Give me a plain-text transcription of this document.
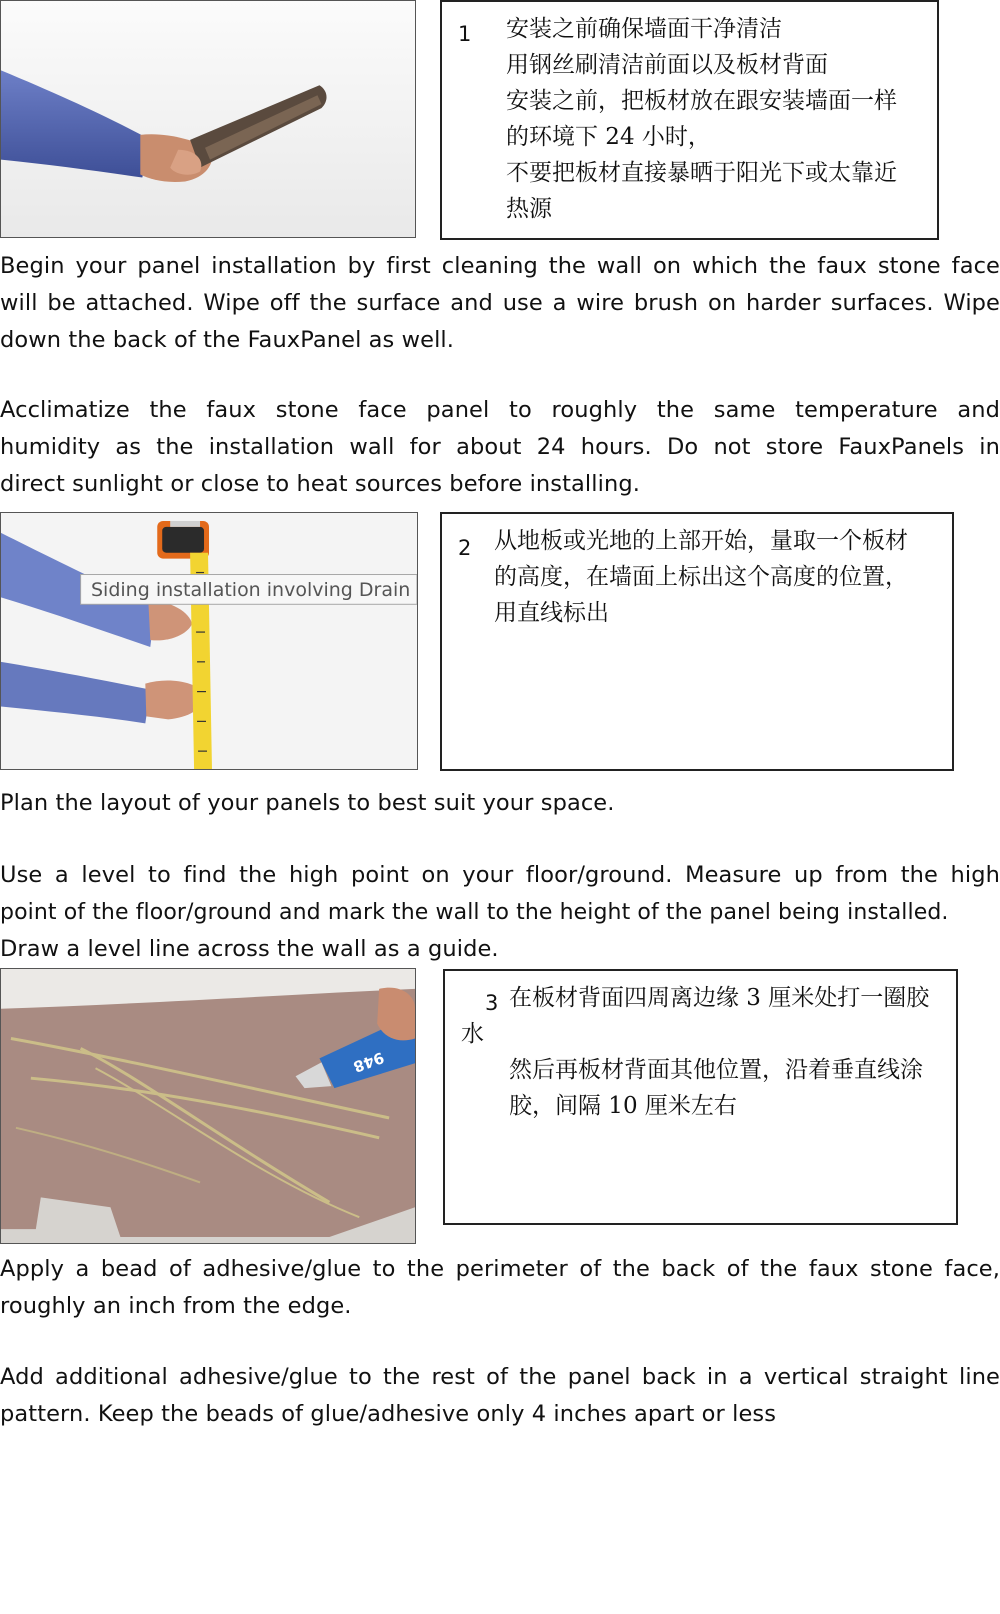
1 安装之前确保墙面干净清洁
用钢丝刷清洁前面以及板材背面
安装之前，把板材放在跟安装墙面一样
的环境下 24 小时，
不要把板材直接暴晒于阳光下或太靠近
热源

Begin your panel installation by first cleaning the wall on which the faux stone face
will be attached. Wipe off the surface and use a wire brush on harder surfaces. Wipe
down the back of the FauxPanel as well.

Acclimatize the faux stone face panel to roughly the same temperature and
humidity as the installation wall for about 24 hours. Do not store FauxPanels in
direct sunlight or close to heat sources before installing.

Siding installation involving Drain
2 从地板或光地的上部开始，量取一个板材
的高度，在墙面上标出这个高度的位置，
用直线标出

Plan the layout of your panels to best suit your space.

Use a level to find the high point on your floor/ground. Measure up from the high
point of the floor/ground and mark the wall to the height of the panel being installed.
Draw a level line across the wall as a guide.

948
3 在板材背面四周离边缘 3 厘米处打一圈胶
水
然后再板材背面其他位置，沿着垂直线涂
胶，间隔 10 厘米左右

Apply a bead of adhesive/glue to the perimeter of the back of the faux stone face,
roughly an inch from the edge.

Add additional adhesive/glue to the rest of the panel back in a vertical straight line
pattern. Keep the beads of glue/adhesive only 4 inches apart or less
